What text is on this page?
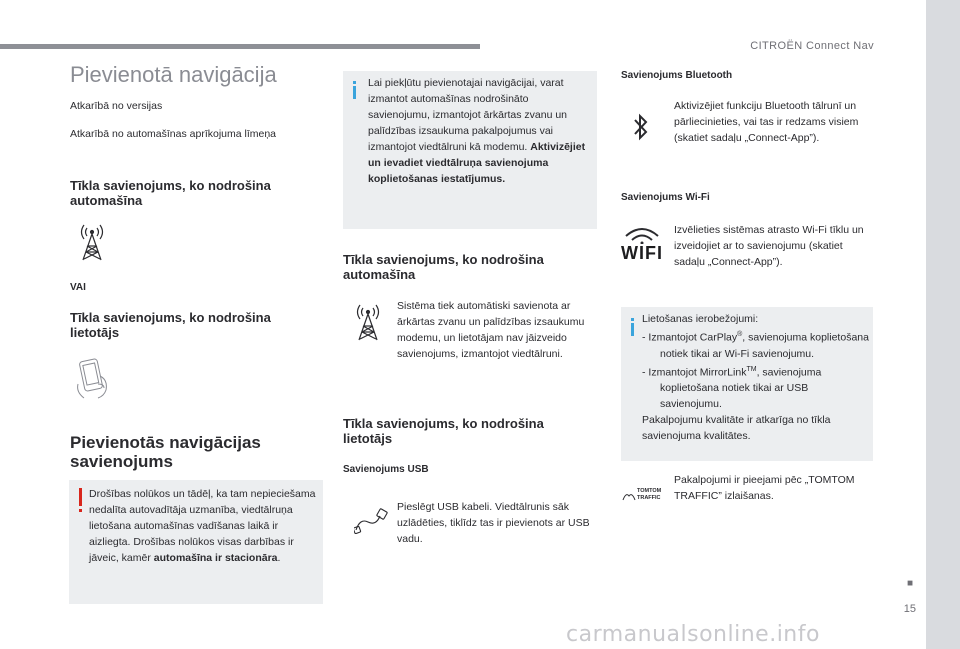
CITROËN Connect Nav
■
15
carmanualsonline.info
Pievienotā navigācija
Atkarībā no versijas
Atkarībā no automašīnas aprīkojuma līmeņa
Tīkla savienojums, ko nodrošina
automašīna
VAI
Tīkla savienojums, ko nodrošina
lietotājs
Pievienotās navigācijas
savienojums
Drošības nolūkos un tādēļ, ka tam nepieciešama nedalīta autovadītāja uzmanība, viedtālruņa lietošana automašīnas vadīšanas laikā ir aizliegta. Drošības nolūkos visas darbības ir jāveic, kamēr automašīna ir stacionāra.
Lai piekļūtu pievienotajai navigācijai, varat izmantot automašīnas nodrošināto savienojumu, izmantojot ārkārtas zvanu un palīdzības izsaukuma pakalpojumus vai izmantojot viedtālruni kā modemu. Aktivizējiet un ievadiet viedtālruņa savienojuma koplietošanas iestatījumus.
Tīkla savienojums, ko nodrošina
automašīna
Sistēma tiek automātiski savienota ar ārkārtas zvanu un palīdzības izsaukumu modemu, un lietotājam nav jāizveido savienojums, izmantojot viedtālruni.
Tīkla savienojums, ko nodrošina
lietotājs
Savienojums USB
Pieslēgt USB kabeli. Viedtālrunis sāk uzlādēties, tiklīdz tas ir pievienots ar USB vadu.
Savienojums Bluetooth
Aktivizējiet funkciju Bluetooth tālrunī un pārliecinieties, vai tas ir redzams visiem (skatiet sadaļu „Connect-App”).
Savienojums Wi-Fi
WIFI
Izvēlieties sistēmas atrasto Wi-Fi tīklu un izveidojiet ar to savienojumu (skatiet sadaļu „Connect-App”).
Lietošanas ierobežojumi:
- Izmantojot CarPlay®, savienojuma koplietošana notiek tikai ar Wi-Fi savienojumu.
- Izmantojot MirrorLink™, savienojuma koplietošana notiek tikai ar USB savienojumu.
Pakalpojumu kvalitāte ir atkarīga no tīkla savienojuma kvalitātes.
TOMTOM
TRAFFIC
Pakalpojumi ir pieejami pēc „TOMTOM TRAFFIC” izlaišanas.
